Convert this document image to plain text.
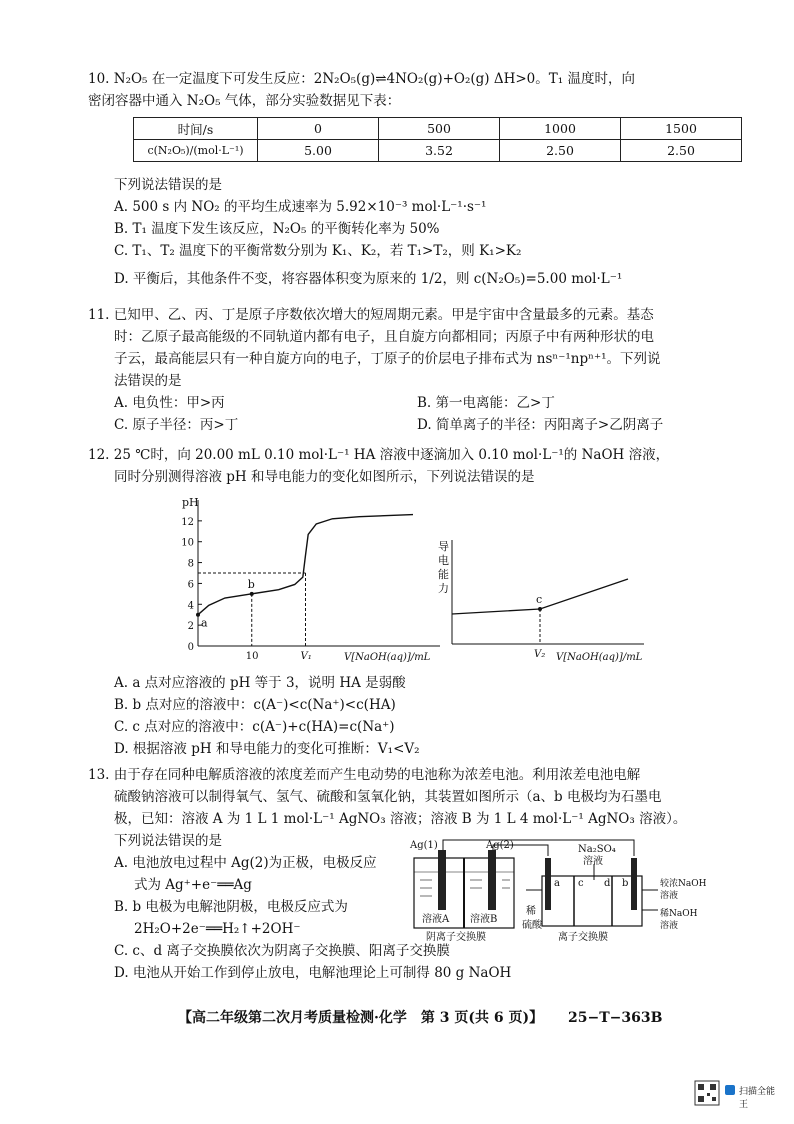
10. N₂O₅ 在一定温度下可发生反应：2N₂O₅(g)⇌4NO₂(g)+O₂(g) ΔH>0。T₁ 温度时，向
密闭容器中通入 N₂O₅ 气体，部分实验数据见下表：
时间/s	0	500	1000	1500
c(N₂O₅)/(mol·L⁻¹)	5.00	3.52	2.50	2.50
下列说法错误的是
A. 500 s 内 NO₂ 的平均生成速率为 5.92×10⁻³ mol·L⁻¹·s⁻¹
B. T₁ 温度下发生该反应，N₂O₅ 的平衡转化率为 50%
C. T₁、T₂ 温度下的平衡常数分别为 K₁、K₂，若 T₁>T₂，则 K₁>K₂
D. 平衡后，其他条件不变，将容器体积变为原来的 1/2，则 c(N₂O₅)=5.00 mol·L⁻¹
11. 已知甲、乙、丙、丁是原子序数依次增大的短周期元素。甲是宇宙中含量最多的元素。基态
时：乙原子最高能级的不同轨道内都有电子，且自旋方向都相同；丙原子中有两种形状的电
子云，最高能层只有一种自旋方向的电子，丁原子的价层电子排布式为 nsⁿ⁻¹npⁿ⁺¹。下列说
法错误的是
A. 电负性：甲>丙	B. 第一电离能：乙>丁
C. 原子半径：丙>丁	D. 简单离子的半径：丙阳离子>乙阴离子
12. 25 ℃时，向 20.00 mL 0.10 mol·L⁻¹ HA 溶液中逐滴加入 0.10 mol·L⁻¹的 NaOH 溶液，
同时分别测得溶液 pH 和导电能力的变化如图所示，下列说法错误的是
pH
V[NaOH(aq)]/mL
0
2
4
6
8
10
12
a
b
10	V₁
导
电
能
力
c
V₂ V[NaOH(aq)]/mL
A. a 点对应溶液的 pH 等于 3，说明 HA 是弱酸
B. b 点对应的溶液中：c(A⁻)<c(Na⁺)<c(HA)
C. c 点对应的溶液中：c(A⁻)+c(HA)=c(Na⁺)
D. 根据溶液 pH 和导电能力的变化可推断：V₁<V₂
13. 由于存在同种电解质溶液的浓度差而产生电动势的电池称为浓差电池。利用浓差电池电解
硫酸钠溶液可以制得氧气、氢气、硫酸和氢氧化钠，其装置如图所示（a、b 电极均为石墨电
极，已知：溶液 A 为 1 L 1 mol·L⁻¹ AgNO₃ 溶液；溶液 B 为 1 L 4 mol·L⁻¹ AgNO₃ 溶液）。
下列说法错误的是
A. 电池放电过程中 Ag(2)为正极，电极反应
式为 Ag⁺+e⁻══Ag
B. b 电极为电解池阴极，电极反应式为
2H₂O+2e⁻══H₂↑+2OH⁻
C. c、d 离子交换膜依次为阴离子交换膜、阳离子交换膜
D. 电池从开始工作到停止放电，电解池理论上可制得 80 g NaOH
Ag(1)	Ag(2)
溶液A 溶液B
阴离子交换膜
Na₂SO₄
溶液
a c d b
稀
硫酸
离子交换膜
较浓NaOH
溶液
稀NaOH
溶液
【高二年级第二次月考质量检测·化学　第 3 页(共 6 页)】 25−T−363B
扫描全能王
